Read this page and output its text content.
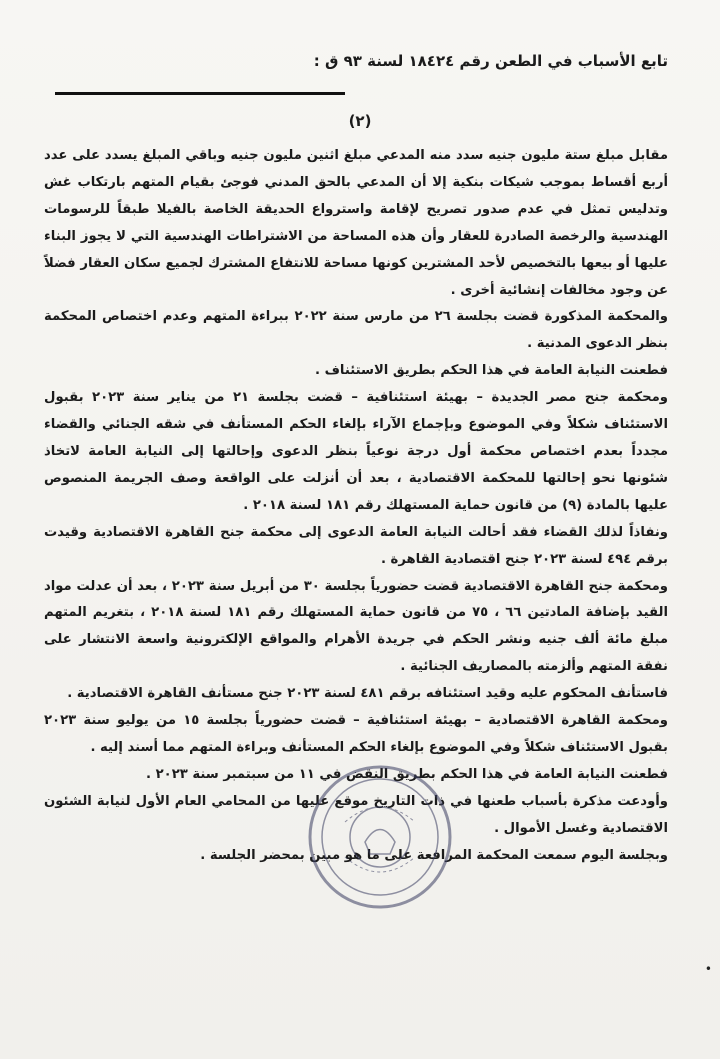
تابع الأسباب في الطعن رقم ١٨٤٢٤ لسنة ٩٣ ق :
(٢)

مقابل مبلغ ستة مليون جنيه سدد منه المدعي مبلغ اثنين مليون جنيه وباقي المبلغ يسدد على عدد أربع أقساط بموجب شيكات بنكية إلا أن المدعي بالحق المدني فوجئ بقيام المتهم بارتكاب غش وتدليس تمثل في عدم صدور تصريح لإقامة واسترواع الحديقة الخاصة بالفيلا طبقاً للرسومات الهندسية والرخصة الصادرة للعقار وأن هذه المساحة من الاشتراطات الهندسية التي لا يجوز البناء عليها أو بيعها بالتخصيص لأحد المشترين كونها مساحة للانتفاع المشترك لجميع سكان العقار فضلاً عن وجود مخالفات إنشائية أخرى .

والمحكمة المذكورة قضت بجلسة ٢٦ من مارس سنة ٢٠٢٢ ببراءة المتهم وعدم اختصاص المحكمة بنظر الدعوى المدنية .

فطعنت النيابة العامة في هذا الحكم بطريق الاستئناف .

ومحكمة جنح مصر الجديدة – بهيئة استئنافية – قضت بجلسة ٢١ من يناير سنة ٢٠٢٣ بقبول الاستئناف شكلاً وفي الموضوع وبإجماع الآراء بإلغاء الحكم المستأنف في شقه الجنائي والقضاء مجدداً بعدم اختصاص محكمة أول درجة نوعياً بنظر الدعوى وإحالتها إلى النيابة العامة لاتخاذ شئونها نحو إحالتها للمحكمة الاقتصادية ، بعد أن أنزلت على الواقعة وصف الجريمة المنصوص عليها بالمادة (٩) من قانون حماية المستهلك رقم ١٨١ لسنة ٢٠١٨ .

ونفاذاً لذلك القضاء فقد أحالت النيابة العامة الدعوى إلى محكمة جنح القاهرة الاقتصادية وقيدت برقم ٤٩٤ لسنة ٢٠٢٣ جنح اقتصادية القاهرة .

ومحكمة جنح القاهرة الاقتصادية قضت حضورياً بجلسة ٣٠ من أبريل سنة ٢٠٢٣ ، بعد أن عدلت مواد القيد بإضافة المادتين ٦٦ ، ٧٥ من قانون حماية المستهلك رقم ١٨١ لسنة ٢٠١٨ ، بتغريم المتهم مبلغ مائة ألف جنيه ونشر الحكم في جريدة الأهرام والمواقع الإلكترونية واسعة الانتشار على نفقة المتهم وألزمته بالمصاريف الجنائية .

فاستأنف المحكوم عليه وقيد استئنافه برقم ٤٨١ لسنة ٢٠٢٣ جنح مستأنف القاهرة الاقتصادية .

ومحكمة القاهرة الاقتصادية – بهيئة استئنافية – قضت حضورياً بجلسة ١٥ من يوليو سنة ٢٠٢٣ بقبول الاستئناف شكلاً وفي الموضوع بإلغاء الحكم المستأنف وبراءة المتهم مما أسند إليه .

فطعنت النيابة العامة في هذا الحكم بطريق النقض في ١١ من سبتمبر سنة ٢٠٢٣ .

وأودعت مذكرة بأسباب طعنها في ذات التاريخ موقع عليها من المحامي العام الأول لنيابة الشئون الاقتصادية وغسل الأموال .

وبجلسة اليوم سمعت المحكمة المرافعة على ما هو مبين بمحضر الجلسة .

•
